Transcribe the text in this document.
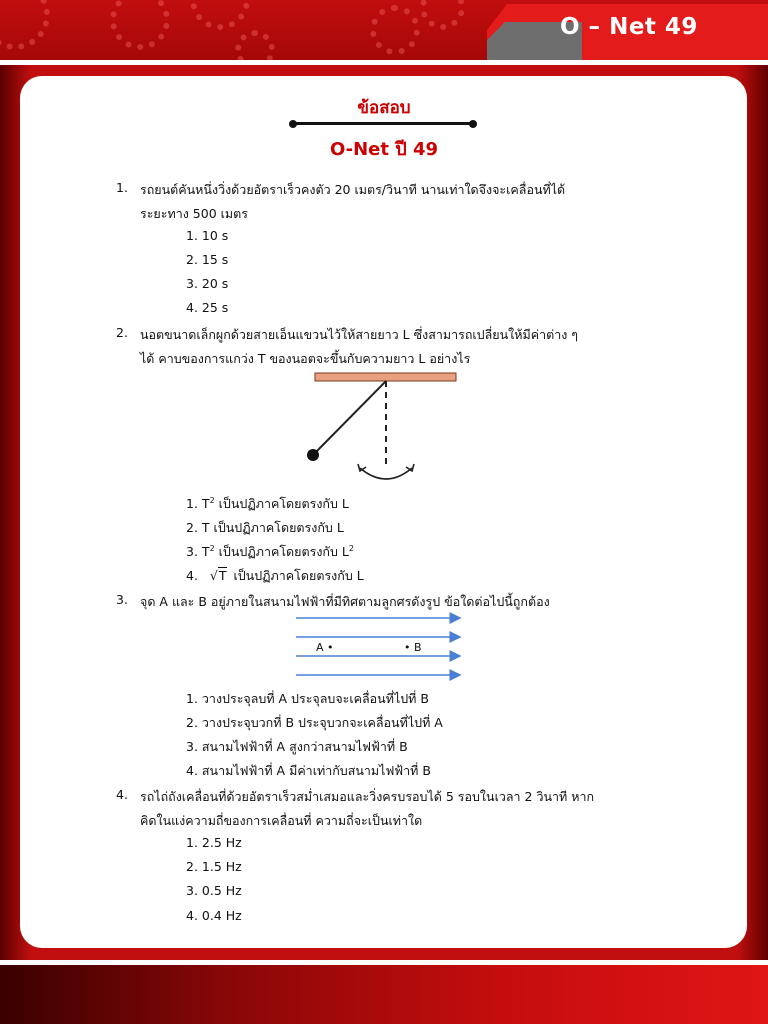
O – Net 49
ข้อสอบ
O-Net ปี 49
1. รถยนต์คันหนึ่งวิ่งด้วยอัตราเร็วคงตัว 20 เมตร/วินาที นานเท่าใดจึงจะเคลื่อนที่ได้
ระยะทาง 500 เมตร
1. 10 s
2. 15 s
3. 20 s
4. 25 s
2. นอตขนาดเล็กผูกด้วยสายเอ็นแขวนไว้ให้สายยาว L ซึ่งสามารถเปลี่ยนให้มีค่าต่าง ๆ
ได้ คาบของการแกว่ง T ของนอตจะขึ้นกับความยาว L อย่างไร
1. $T^2$ เป็นปฏิภาคโดยตรงกับ L
2. T เป็นปฏิภาคโดยตรงกับ L
3. $T^2$ เป็นปฏิภาคโดยตรงกับ $L^2$
4. √T เป็นปฏิภาคโดยตรงกับ L
3. จุด A และ B อยู่ภายในสนามไฟฟ้าที่มีทิศตามลูกศรดังรูป ข้อใดต่อไปนี้ถูกต้อง
A •	• B
1. วางประจุลบที่ A ประจุลบจะเคลื่อนที่ไปที่ B
2. วางประจุบวกที่ B ประจุบวกจะเคลื่อนที่ไปที่ A
3. สนามไฟฟ้าที่ A สูงกว่าสนามไฟฟ้าที่ B
4. สนามไฟฟ้าที่ A มีค่าเท่ากับสนามไฟฟ้าที่ B
4. รถไถ่ถังเคลื่อนที่ด้วยอัตราเร็วสม่ำเสมอและวิ่งครบรอบได้ 5 รอบในเวลา 2 วินาที หาก
คิดในแง่ความถี่ของการเคลื่อนที่ ความถี่จะเป็นเท่าใด
1. 2.5 Hz
2. 1.5 Hz
3. 0.5 Hz
4. 0.4 Hz
